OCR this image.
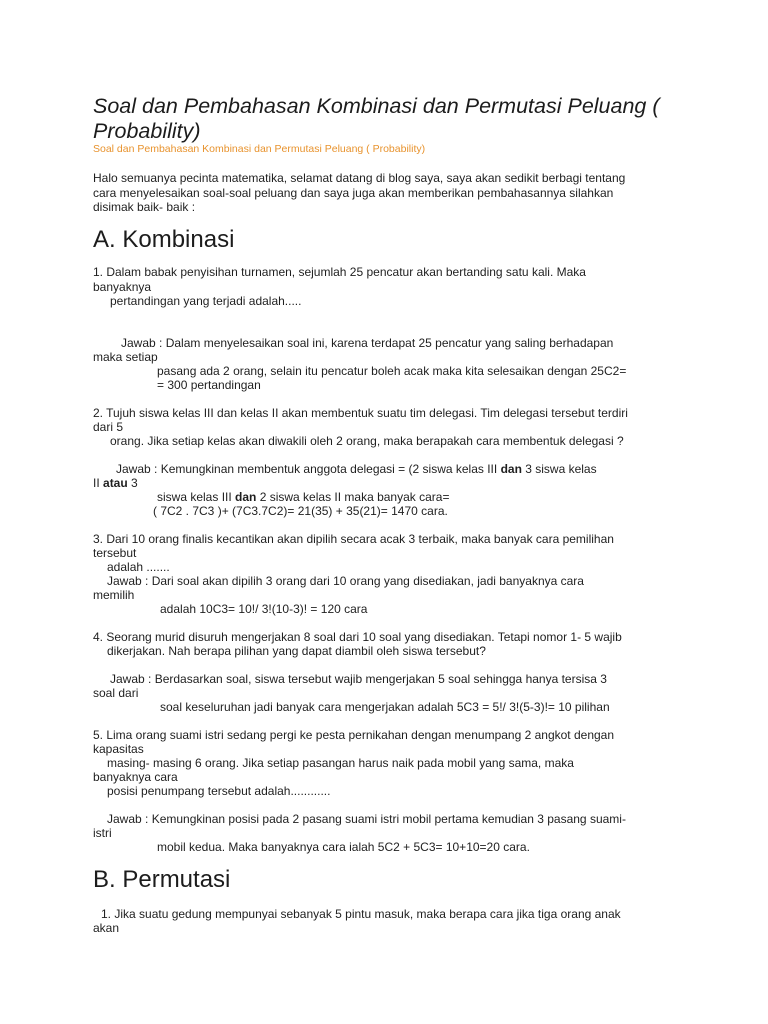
Soal dan Pembahasan Kombinasi dan Permutasi Peluang ( Probability)
Soal dan Pembahasan Kombinasi dan Permutasi Peluang ( Probability)
Halo semuanya pecinta matematika, selamat datang di blog saya, saya akan sedikit berbagi tentang
cara menyelesaikan soal-soal peluang dan saya juga akan memberikan pembahasannya silahkan
disimak baik- baik :
A. Kombinasi
1. Dalam babak penyisihan turnamen, sejumlah 25 pencatur akan bertanding satu kali. Maka
banyaknya
pertandingan yang terjadi adalah.....
Jawab : Dalam menyelesaikan soal ini, karena terdapat 25 pencatur yang saling berhadapan
maka setiap
pasang ada 2 orang, selain itu pencatur boleh acak maka kita selesaikan dengan 25C2=
= 300 pertandingan
2. Tujuh siswa kelas III dan kelas II akan membentuk suatu tim delegasi. Tim delegasi tersebut terdiri
dari 5
orang. Jika setiap kelas akan diwakili oleh 2 orang, maka berapakah cara membentuk delegasi ?
Jawab : Kemungkinan membentuk anggota delegasi = (2 siswa kelas III dan 3 siswa kelas
II atau 3
siswa kelas III dan 2 siswa kelas II maka banyak cara=
( 7C2 . 7C3 )+ (7C3.7C2)= 21(35) + 35(21)= 1470 cara.
3. Dari 10 orang finalis kecantikan akan dipilih secara acak 3 terbaik, maka banyak cara pemilihan
tersebut
adalah .......
Jawab : Dari soal akan dipilih 3 orang dari 10 orang yang disediakan, jadi banyaknya cara
memilih
adalah 10C3= 10!/ 3!(10-3)! = 120 cara
4. Seorang murid disuruh mengerjakan 8 soal dari 10 soal yang disediakan. Tetapi nomor 1- 5 wajib
dikerjakan. Nah berapa pilihan yang dapat diambil oleh siswa tersebut?
Jawab : Berdasarkan soal, siswa tersebut wajib mengerjakan 5 soal sehingga hanya tersisa 3
soal dari
soal keseluruhan jadi banyak cara mengerjakan adalah 5C3 = 5!/ 3!(5-3)!= 10 pilihan
5. Lima orang suami istri sedang pergi ke pesta pernikahan dengan menumpang 2 angkot dengan
kapasitas
masing- masing 6 orang. Jika setiap pasangan harus naik pada mobil yang sama, maka
banyaknya cara
posisi penumpang tersebut adalah............
Jawab : Kemungkinan posisi pada 2 pasang suami istri mobil pertama kemudian 3 pasang suami-
istri
mobil kedua. Maka banyaknya cara ialah 5C2 + 5C3= 10+10=20 cara.
B. Permutasi
1. Jika suatu gedung mempunyai sebanyak 5 pintu masuk, maka berapa cara jika tiga orang anak
akan
